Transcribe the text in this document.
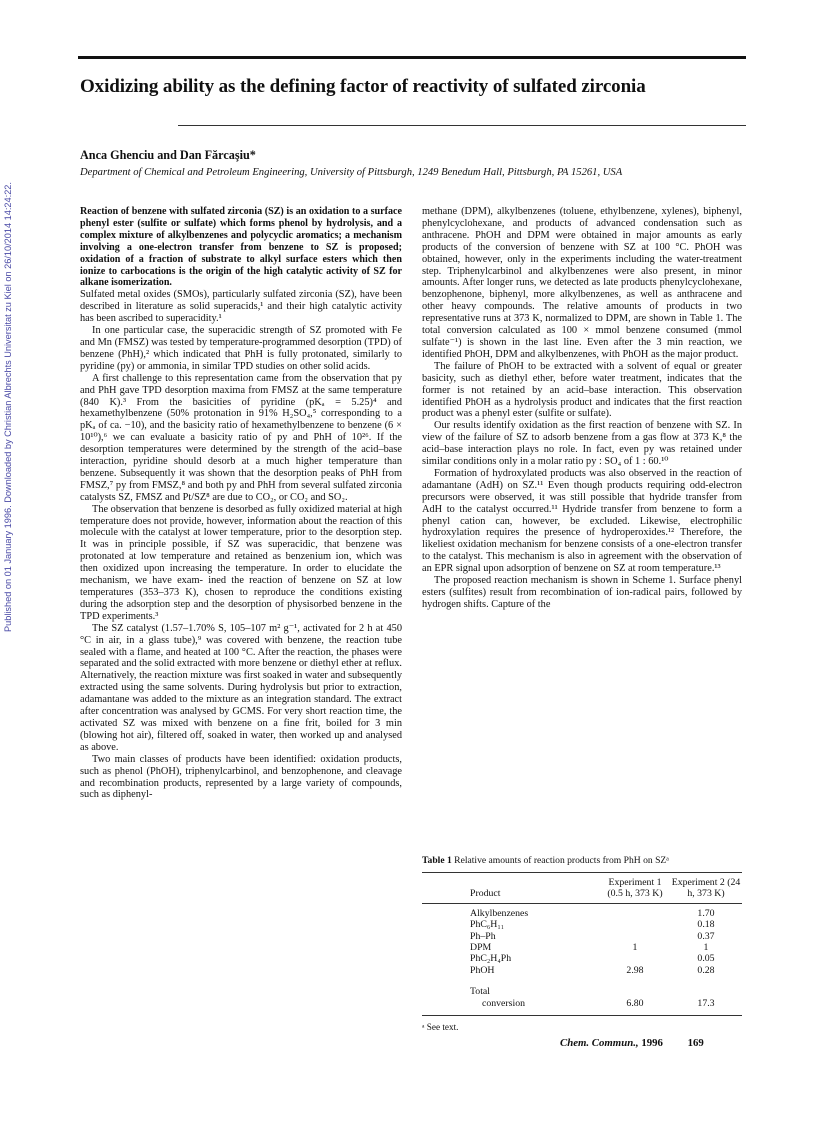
Oxidizing ability as the defining factor of reactivity of sulfated zirconia
Anca Ghenciu and Dan Fărcaşiu*
Department of Chemical and Petroleum Engineering, University of Pittsburgh, 1249 Benedum Hall, Pittsburgh, PA 15261, USA
Published on 01 January 1996. Downloaded by Christian Albrechts Universitat zu Kiel on 26/10/2014 14:24:22.	Reaction of benzene with sulfated zirconia (SZ) is an oxidation to a surface phenyl ester (sulfite or sulfate) which forms phenol by hydrolysis, and a complex mixture of alkylbenzenes and polycyclic aromatics; a mechanism involving a one-electron transfer from benzene to SZ is proposed; oxidation of a fraction of substrate to alkyl surface esters which then ionize to carbocations is the origin of the high catalytic activity of SZ for alkane isomerization.

Sulfated metal oxides (SMOs), particularly sulfated zirconia (SZ), have been described in literature as solid superacids,¹ and their high catalytic activity has been ascribed to superacidity.¹

In one particular case, the superacidic strength of SZ promoted with Fe and Mn (FMSZ) was tested by temperature-programmed desorption (TPD) of benzene (PhH),² which indicated that PhH is fully protonated, similarly to pyridine (py) or ammonia, in similar TPD studies on other solid acids.

A first challenge to this representation came from the observation that py and PhH gave TPD desorption maxima from FMSZ at the same temperature (840 K).³ From the basicities of pyridine (pKₐ = 5.25)⁴ and hexamethylbenzene (50% protonation in 91% H₂SO₄,⁵ corresponding to a pKₐ of ca. −10), and the basicity ratio of hexamethylbenzene to benzene (6 × 10¹⁰),⁶ we can evaluate a basicity ratio of py and PhH of 10²⁶. If the desorption temperatures were determined by the strength of the acid–base interaction, pyridine should desorb at a much higher temperature than benzene. Subsequently it was shown that the desorption peaks of PhH from FMSZ,⁷ py from FMSZ,⁸ and both py and PhH from several sulfated zirconia catalysts SZ, FMSZ and Pt/SZ⁸ are due to CO₂, or CO₂ and SO₂.

The observation that benzene is desorbed as fully oxidized material at high temperature does not provide, however, information about the reaction of this molecule with the catalyst at lower temperature, prior to the desorption step. It was in principle possible, if SZ was superacidic, that benzene was protonated at low temperature and retained as benzenium ion, which was then oxidized upon increasing the temperature. In order to elucidate the mechanism, we have exam- ined the reaction of benzene on SZ at low temperatures (353–373 K), chosen to reproduce the conditions existing during the adsorption step and the desorption of physisorbed benzene in the TPD experiments.³

The SZ catalyst (1.57–1.70% S, 105–107 m² g⁻¹, activated for 2 h at 450 °C in air, in a glass tube),⁹ was covered with benzene, the reaction tube sealed with a flame, and heated at 100 °C. After the reaction, the phases were separated and the solid extracted with more benzene or diethyl ether at reflux. Alternatively, the reaction mixture was first soaked in water and subsequently extracted using the same solvents. During hydrolysis but prior to extraction, adamantane was added to the mixture as an integration standard. The extract after concentration was analysed by GCMS. For very short reaction time, the activated SZ was mixed with benzene on a fine frit, boiled for 3 min (blowing hot air), filtered off, soaked in water, then worked up and analysed as above.

Two main classes of products have been identified: oxidation products, such as phenol (PhOH), triphenylcarbinol, and benzophenone, and cleavage and recombination products, represented by a large variety of compounds, such as diphenyl-

methane (DPM), alkylbenzenes (toluene, ethylbenzene, xylenes), biphenyl, phenylcyclohexane, and products of advanced condensation such as anthracene. PhOH and DPM were obtained in major amounts as early products of the conversion of benzene with SZ at 100 °C. PhOH was obtained, however, only in the experiments including the water-treatment step. Triphenylcarbinol and alkylbenzenes were also present, in minor amounts. After longer runs, we detected as late products phenylcyclohexane, benzophenone, biphenyl, more alkylbenzenes, as well as anthracene and other heavy compounds. The relative amounts of products in two representative runs at 373 K, normalized to DPM, are shown in Table 1. The total conversion calculated as 100 × mmol benzene consumed (mmol sulfate⁻¹) is shown in the last line. Even after the 3 min reaction, we identified PhOH, DPM and alkylbenzenes, with PhOH as the major product.

The failure of PhOH to be extracted with a solvent of equal or greater basicity, such as diethyl ether, before water treatment, indicates that the former is not retained by an acid–base interaction. This observation identified PhOH as a hydrolysis product and indicates that the first reaction product was a phenyl ester (sulfite or sulfate).

Our results identify oxidation as the first reaction of benzene with SZ. In view of the failure of SZ to adsorb benzene from a gas flow at 373 K,⁸ the acid–base interaction plays no role. In fact, even py was retained under similar conditions only in a molar ratio py : SO₄ of 1 : 60.¹⁰

Formation of hydroxylated products was also observed in the reaction of adamantane (AdH) on SZ.¹¹ Even though products requiring odd-electron precursors were observed, it was still possible that hydride transfer from AdH to the catalyst occurred.¹¹ Hydride transfer from benzene to form a phenyl cation can, however, be excluded. Likewise, electrophilic hydroxylation requires the presence of hydroperoxides.¹² Therefore, the likeliest oxidation mechanism for benzene consists of a one-electron transfer to the catalyst. This mechanism is also in agreement with the observation of an EPR signal upon adsorption of benzene on SZ at room temperature.¹³

The proposed reaction mechanism is shown in Scheme 1. Surface phenyl esters (sulfites) result from recombination of ion-radical pairs, followed by hydrogen shifts. Capture of the

Table 1 Relative amounts of reaction products from PhH on SZᵃ
Product	Experiment 1 (0.5 h, 373 K)	Experiment 2 (24 h, 373 K)
Alkylbenzenes		1.70
PhC₆H₁₁		0.18
Ph–Ph		0.37
DPM	1	1
PhC₂H₄Ph		0.05
PhOH	2.98	0.28
Total
conversion	6.80	17.3
ᵃ See text.
Chem. Commun., 1996 169
